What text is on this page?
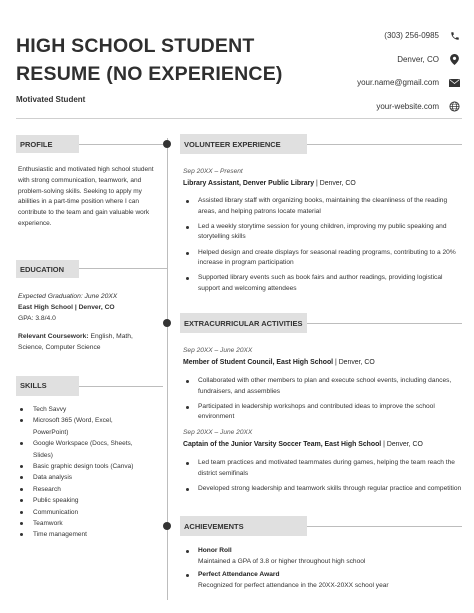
HIGH SCHOOL STUDENT
RESUME (NO EXPERIENCE)
Motivated Student
(303) 256-0985
Denver, CO
your.name@gmail.com
your-website.com
PROFILE
Enthusiastic and motivated high school student with strong communication, teamwork, and problem-solving skills. Seeking to apply my abilities in a part-time position where I can contribute to the team and gain valuable work experience.
EDUCATION
Expected Graduation: June 20XX
East High School | Denver, CO
GPA: 3.8/4.0
Relevant Coursework: English, Math, Science, Computer Science
SKILLS
Tech Savvy
Microsoft 365 (Word, Excel,
PowerPoint)
Google Workspace (Docs, Sheets,
Slides)
Basic graphic design tools (Canva)
Data analysis
Research
Public speaking
Communication
Teamwork
Time management
VOLUNTEER EXPERIENCE
Sep 20XX – Present
Library Assistant, Denver Public Library | Denver, CO
Assisted library staff with organizing books, maintaining the cleanliness of the reading areas, and helping patrons locate material
Led a weekly storytime session for young children, improving my public speaking and storytelling skills
Helped design and create displays for seasonal reading programs, contributing to a 20% increase in program participation
Supported library events such as book fairs and author readings, providing logistical support and welcoming attendees
EXTRACURRICULAR ACTIVITIES
Sep 20XX – June 20XX
Member of Student Council, East High School | Denver, CO
Collaborated with other members to plan and execute school events, including dances, fundraisers, and assemblies
Participated in leadership workshops and contributed ideas to improve the school environment
Sep 20XX – June 20XX
Captain of the Junior Varsity Soccer Team, East High School | Denver, CO
Led team practices and motivated teammates during games, helping the team reach the district semifinals
Developed strong leadership and teamwork skills through regular practice and competition
ACHIEVEMENTS
Honor Roll
Maintained a GPA of 3.8 or higher throughout high school
Perfect Attendance Award
Recognized for perfect attendance in the 20XX-20XX school year
